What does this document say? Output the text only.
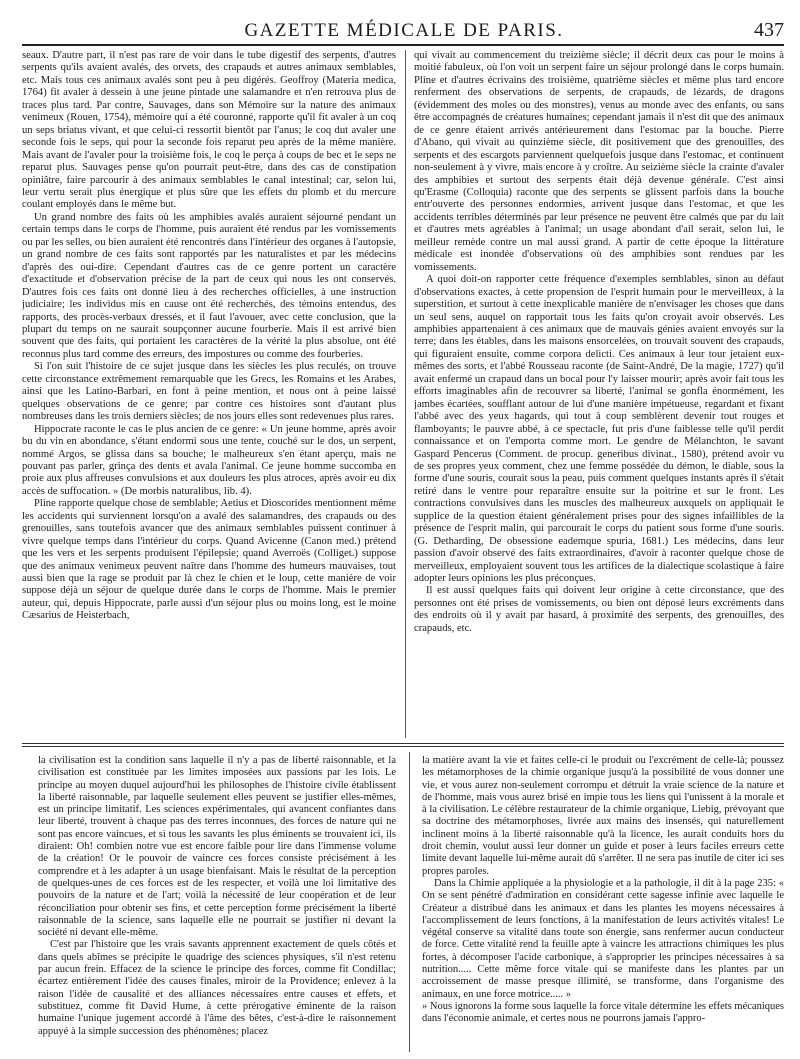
GAZETTE MÉDICALE DE PARIS.	437

seaux. D'autre part, il n'est pas rare de voir dans le tube digestif des serpents, d'autres serpents qu'ils avaient avalés, des orvets, des crapauds et autres animaux semblables, etc. Mais tous ces animaux avalés sont peu à peu digérés. Geoffroy (Materia medica, 1764) fit avaler à dessein à une jeune pintade une salamandre et n'en retrouva plus de traces plus tard. Par contre, Sauvages, dans son Mémoire sur la nature des animaux venimeux (Rouen, 1754), mémoire qui a été couronné, rapporte qu'il fit avaler à un coq un seps briatus vivant, et que celui-ci ressortit bientôt par l'anus; le coq dut avaler une seconde fois le seps, qui pour la seconde fois reparut peu après de la même manière. Mais avant de l'avaler pour la troisième fois, le coq le perça à coups de bec et le seps ne reparut plus. Sauvages pense qu'on pourrait peut-être, dans des cas de constipation opiniâtre, faire parcourir à des animaux semblables le canal intestinal; car, selon lui, leur vertu serait plus énergique et plus sûre que les effets du plomb et du mercure coulant employés dans le même but.

Un grand nombre des faits où les amphibies avalés auraient séjourné pendant un certain temps dans le corps de l'homme, puis auraient été rendus par les vomissements ou par les selles, ou bien auraient été rencontrés dans l'intérieur des organes à l'autopsie, un grand nombre de ces faits sont rapportés par les naturalistes et par les médecins d'après des oui-dire. Cependant d'autres cas de ce genre portent un caractère d'exactitude et d'observation précise de la part de ceux qui nous les ont conservés. D'autres fois ces faits ont donné lieu à des recherches officielles, à une instruction judiciaire; les individus mis en cause ont été recherchés, des témoins entendus, des rapports, des procès-verbaux dressés, et il faut l'avouer, avec cette conclusion, que la plupart du temps on ne saurait soupçonner aucune fourberie. Mais il est arrivé bien souvent que des faits, qui portaient les caractères de la vérité la plus absolue, ont été reconnus plus tard comme des erreurs, des impostures ou comme des fourberies.

Si l'on suit l'histoire de ce sujet jusque dans les siècles les plus reculés, on trouve cette circonstance extrêmement remarquable que les Grecs, les Romains et les Arabes, ainsi que les Latino-Barbari, en font à peine mention, et nous ont à peine laissé quelques observations de ce genre; par contre ces histoires sont d'autant plus nombreuses dans les trois derniers siècles; de nos jours elles sont redevenues plus rares.

Hippocrate raconte le cas le plus ancien de ce genre: « Un jeune homme, après avoir bu du vin en abondance, s'étant endormi sous une tente, couché sur le dos, un serpent, nommé Argos, se glissa dans sa bouche; le malheureux s'en étant aperçu, mais ne pouvant pas parler, grinça des dents et avala l'animal. Ce jeune homme succomba en proie aux plus affreuses convulsions et aux douleurs les plus atroces, après avoir eu dix accès de suffocation. » (De morbis naturalibus, lib. 4).

Pline rapporte quelque chose de semblable; Aetius et Dioscorides mentionnent même les accidents qui surviennent lorsqu'on a avalé des salamandres, des crapauds ou des grenouilles, sans toutefois avancer que des animaux semblables puissent continuer à vivre quelque temps dans l'intérieur du corps. Quand Avicenne (Canon med.) prétend que les vers et les serpents produisent l'épilepsie; quand Averroës (Colliget.) suppose que des animaux venimeux peuvent naître dans l'homme des humeurs mauvaises, tout aussi bien que la rage se produit par là chez le chien et le loup, cette manière de voir suppose déjà un séjour de quelque durée dans le corps de l'homme. Mais le premier auteur, qui, depuis Hippocrate, parle aussi d'un séjour plus ou moins long, est le moine Cæsarius de Heisterbach,

qui vivait au commencement du treizième siècle; il décrit deux cas pour le moins à moitié fabuleux, où l'on voit un serpent faire un séjour prolongé dans le corps humain. Pline et d'autres écrivains des troisième, quatrième siècles et même plus tard encore renferment des observations de serpents, de crapauds, de lézards, de dragons (évidemment des moles ou des monstres), venus au monde avec des enfants, ou sans être accompagnés de créatures humaines; cependant jamais il n'est dit que des animaux de ce genre étaient arrivés antérieurement dans l'estomac par la bouche. Pierre d'Abano, qui vivait au quinzième siècle, dit positivement que des grenouilles, des serpents et des escargots parviennent quelquefois jusque dans l'estomac, et continuent non-seulement à y vivre, mais encore à y croître. Au seizième siècle la crainte d'avaler des amphibies et surtout des serpents était déjà devenue générale. C'est ainsi qu'Erasme (Colloquia) raconte que des serpents se glissent parfois dans la bouche entr'ouverte des personnes endormies, arrivent jusque dans l'estomac, et que les accidents terribles déterminés par leur présence ne peuvent être calmés que par du lait et d'autres mets agréables à l'animal; un usage abondant d'ail serait, selon lui, le meilleur remède contre un mal aussi grand. A partir de cette époque la littérature médicale est inondée d'observations où des amphibies sont rendues par les vomissements.

A quoi doit-on rapporter cette fréquence d'exemples semblables, sinon au défaut d'observations exactes, à cette propension de l'esprit humain pour le merveilleux, à la superstition, et surtout à cette inexplicable manière de n'envisager les choses que dans un seul sens, auquel on rapportait tous les faits qu'on croyait avoir observés. Les amphibies appartenaient à ces animaux que de mauvais génies avaient envoyés sur la terre; dans les étables, dans les maisons ensorcelées, on trouvait souvent des crapauds, qui figuraient ensuite, comme corpora delicti. Ces animaux à leur tour jetaient eux-mêmes des sorts, et l'abbé Rousseau raconte (de Saint-André, De la magie, 1727) qu'il avait enfermé un crapaud dans un bocal pour l'y laisser mourir; après avoir fait tous les efforts imaginables afin de recouvrer sa liberté, l'animal se gonfla énormément, les jambes écartées, soufflant autour de lui d'une manière impétueuse, regardant et fixant l'abbé avec des yeux hagards, qui tout à coup semblèrent devenir tout rouges et flamboyants; le pauvre abbé, à ce spectacle, fut pris d'une faiblesse telle qu'il perdit connaissance et on l'emporta comme mort. Le gendre de Mélanchton, le savant Gaspard Pencerus (Comment. de procup. generibus divinat., 1580), prétend avoir vu de ses propres yeux comment, chez une femme possédée du démon, le diable, sous la forme d'une souris, courait sous la peau, puis comment quelques instants après il s'était retiré dans le ventre pour reparaître ensuite sur la poitrine et sur le front. Les contractions convulsives dans les muscles des malheureux auxquels on appliquait le supplice de la question étaient généralement prises pour des signes infaillibles de la présence de l'esprit malin, qui parcourait le corps du patient sous forme d'une souris. (G. Detharding, De obsessione eademque spuria, 1681.) Les médecins, dans leur passion d'avoir observé des faits extraordinaires, d'avoir à raconter quelque chose de merveilleux, employaient souvent tous les artifices de la dialectique scolastique à faire adopter leurs opinions les plus préconçues.

Il est aussi quelques faits qui doivent leur origine à cette circonstance, que des personnes ont été prises de vomissements, ou bien ont déposé leurs excréments dans des endroits où il y avait par hasard, à proximité des serpents, des grenouilles, des crapauds, etc.

la civilisation est la condition sans laquelle il n'y a pas de liberté raisonnable, et la civilisation est constituée par les limites imposées aux passions par les lois. Le principe au moyen duquel aujourd'hui les philosophes de l'histoire civile établissent la liberté raisonnable, par laquelle seulement elles peuvent se justifier elles-mêmes, est un principe limitatif. Les sciences expérimentales, qui avancent confiantes dans leur liberté, trouvent à chaque pas des terres inconnues, des forces de nature qui ne sont pas encore vaincues, et si tous les savants les plus éminents se trouvaient ici, ils diraient: Oh! combien notre vue est encore faible pour lire dans l'immense volume de la création! Or le pouvoir de vaincre ces forces consiste précisément à les comprendre et à les adapter à un usage bienfaisant. Mais le résultat de la perception de quelques-unes de ces forces est de les respecter, et voilà une loi limitative des pouvoirs de la nature et de l'art; voilà la nécessité de leur coopération et de leur réconciliation pour obtenir ses fins, et cette perception forme précisément la liberté raisonnable de la science, sans laquelle elle ne pourrait se justifier ni devant la société ni devant elle-même.

C'est par l'histoire que les vrais savants apprennent exactement de quels côtés et dans quels abîmes se précipite le quadrige des sciences physiques, s'il n'est retenu par aucun frein. Effacez de la science le principe des forces, comme fit Condillac; écartez entièrement l'idée des causes finales, miroir de la Providence; enlevez à la raison l'idée de causalité et des alliances nécessaires entre causes et effets, et substituez, comme fit David Hume, à cette prérogative éminente de la raison humaine l'unique jugement accordé à l'âme des bêtes, c'est-à-dire le raisonnement appuyé à la simple succession des phénomènes; placez

la matière avant la vie et faites celle-ci le produit ou l'excrément de celle-là; poussez les métamorphoses de la chimie organique jusqu'à la possibilité de vous donner une vie, et vous aurez non-seulement corrompu et détruit la vraie science de la nature et de l'homme, mais vous aurez brisé en impie tous les liens qui l'unissent à la morale et à la civilisation. Le célèbre restaurateur de la chimie organique, Liebig, prévoyant que sa doctrine des métamorphoses, livrée aux mains des insensés, qui naturellement inclinent moins à la liberté raisonnable qu'à la licence, les aurait conduits hors du droit chemin, voulut aussi leur donner un guide et poser à leurs faciles erreurs cette limite devant laquelle lui-même aurait dû s'arrêter. Il ne sera pas inutile de citer ici ses propres paroles.

Dans la Chimie appliquée a la physiologie et a la pathologie, il dit à la page 235: « On se sent pénétré d'admiration en considérant cette sagesse infinie avec laquelle le Créateur a distribué dans les animaux et dans les plantes les moyens nécessaires à l'accomplissement de leurs fonctions, à la manifestation de leurs activités vitales! Le végétal conserve sa vitalité dans toute son énergie, sans renfermer aucun conducteur de force. Cette vitalité rend la feuille apte à vaincre les attractions chimiques les plus fortes, à décomposer l'acide carbonique, à s'approprier les principes nécessaires à sa nutrition..... Cette même force vitale qui se manifeste dans les plantes par un accroissement de masse presque illimité, se transforme, dans l'organisme des animaux, en une force motrice..... »

» Nous ignorons la forme sous laquelle la force vitale détermine les effets mécaniques dans l'économie animale, et certes nous ne pourrons jamais l'appro-
